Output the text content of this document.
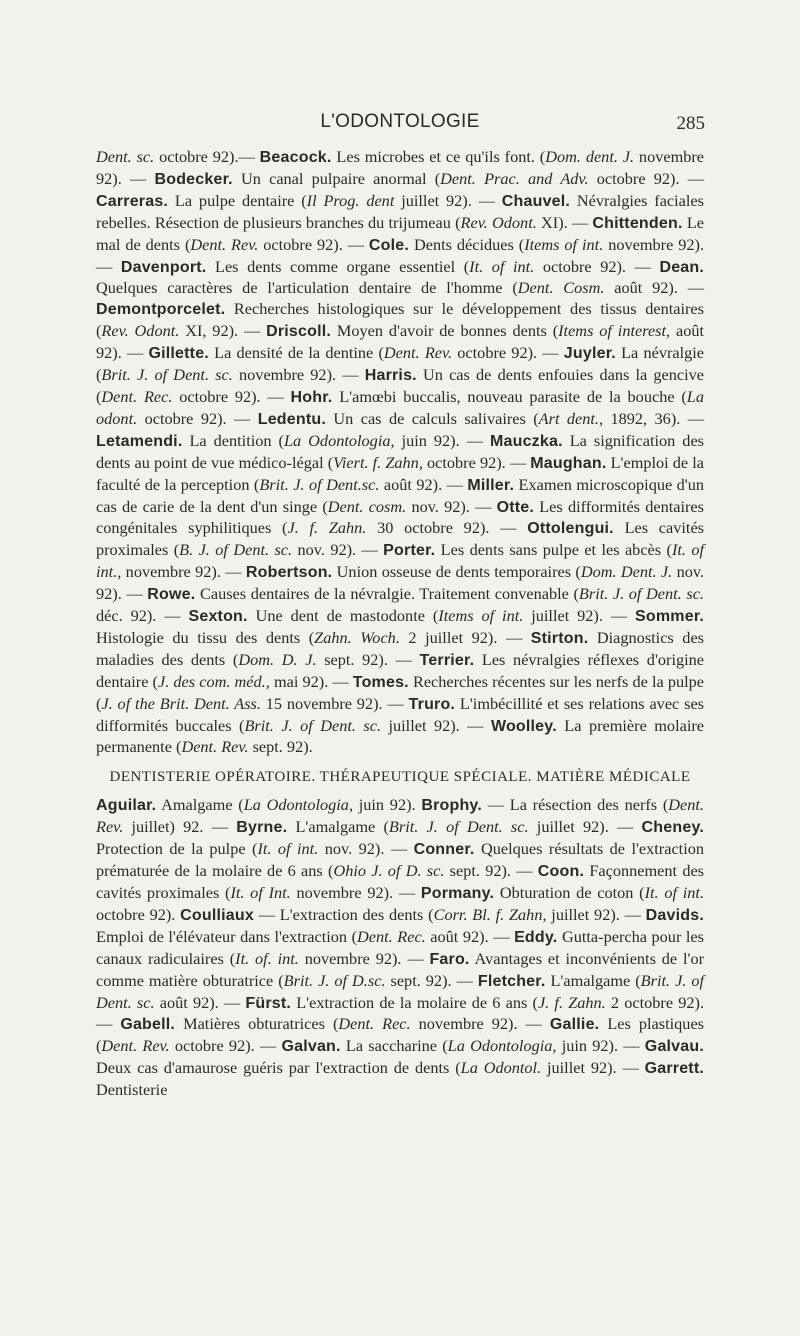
L'ODONTOLOGIE	285

Dent. sc. octobre 92).— Beacock. Les microbes et ce qu'ils font. (Dom. dent. J. novembre 92). — Bodecker. Un canal pulpaire anormal (Dent. Prac. and Adv. octobre 92). — Carreras. La pulpe dentaire (Il Prog. dent juillet 92). — Chauvel. Névralgies faciales rebelles. Résection de plusieurs branches du trijumeau (Rev. Odont. XI). — Chittenden. Le mal de dents (Dent. Rev. octobre 92). — Cole. Dents décidues (Items of int. novembre 92). — Davenport. Les dents comme organe essentiel (It. of int. octobre 92). — Dean. Quelques caractères de l'articulation dentaire de l'homme (Dent. Cosm. août 92). — Demontporcelet. Recherches histologiques sur le développement des tissus dentaires (Rev. Odont. XI, 92). — Driscoll. Moyen d'avoir de bonnes dents (Items of interest, août 92). — Gillette. La densité de la dentine (Dent. Rev. octobre 92). — Juyler. La névralgie (Brit. J. of Dent. sc. novembre 92). — Harris. Un cas de dents enfouies dans la gencive (Dent. Rec. octobre 92). — Hohr. L'amœbi buccalis, nouveau parasite de la bouche (La odont. octobre 92). — Ledentu. Un cas de calculs salivaires (Art dent., 1892, 36). — Letamendi. La dentition (La Odontologia, juin 92). — Mauczka. La signification des dents au point de vue médico-légal (Viert. f. Zahn, octobre 92). — Maughan. L'emploi de la faculté de la perception (Brit. J. of Dent.sc. août 92). — Miller. Examen microscopique d'un cas de carie de la dent d'un singe (Dent. cosm. nov. 92). — Otte. Les difformités dentaires congénitales syphilitiques (J. f. Zahn. 30 octobre 92). — Ottolengui. Les cavités proximales (B. J. of Dent. sc. nov. 92). — Porter. Les dents sans pulpe et les abcès (It. of int., novembre 92). — Robertson. Union osseuse de dents temporaires (Dom. Dent. J. nov. 92). — Rowe. Causes dentaires de la névralgie. Traitement convenable (Brit. J. of Dent. sc. déc. 92). — Sexton. Une dent de mastodonte (Items of int. juillet 92). — Sommer. Histologie du tissu des dents (Zahn. Woch. 2 juillet 92). — Stirton. Diagnostics des maladies des dents (Dom. D. J. sept. 92). — Terrier. Les névralgies réflexes d'origine dentaire (J. des com. méd., mai 92). — Tomes. Recherches récentes sur les nerfs de la pulpe (J. of the Brit. Dent. Ass. 15 novembre 92). — Truro. L'imbécillité et ses relations avec ses difformités buccales (Brit. J. of Dent. sc. juillet 92). — Woolley. La première molaire permanente (Dent. Rev. sept. 92).

DENTISTERIE OPÉRATOIRE. THÉRAPEUTIQUE SPÉCIALE. MATIÈRE MÉDICALE

Aguilar. Amalgame (La Odontologia, juin 92). Brophy. — La résection des nerfs (Dent. Rev. juillet) 92. — Byrne. L'amalgame (Brit. J. of Dent. sc. juillet 92). — Cheney. Protection de la pulpe (It. of int. nov. 92). — Conner. Quelques résultats de l'extraction prématurée de la molaire de 6 ans (Ohio J. of D. sc. sept. 92). — Coon. Façonnement des cavités proximales (It. of Int. novembre 92). — Pormany. Obturation de coton (It. of int. octobre 92). Coulliaux — L'extraction des dents (Corr. Bl. f. Zahn, juillet 92). — Davids. Emploi de l'élévateur dans l'extraction (Dent. Rec. août 92). — Eddy. Gutta-percha pour les canaux radiculaires (It. of. int. novembre 92). — Faro. Avantages et inconvénients de l'or comme matière obturatrice (Brit. J. of D.sc. sept. 92). — Fletcher. L'amalgame (Brit. J. of Dent. sc. août 92). — Fürst. L'extraction de la molaire de 6 ans (J. f. Zahn. 2 octobre 92). — Gabell. Matières obturatrices (Dent. Rec. novembre 92). — Gallie. Les plastiques (Dent. Rev. octobre 92). — Galvan. La saccharine (La Odontologia, juin 92). — Galvau. Deux cas d'amaurose guéris par l'extraction de dents (La Odontol. juillet 92). — Garrett. Dentisterie
